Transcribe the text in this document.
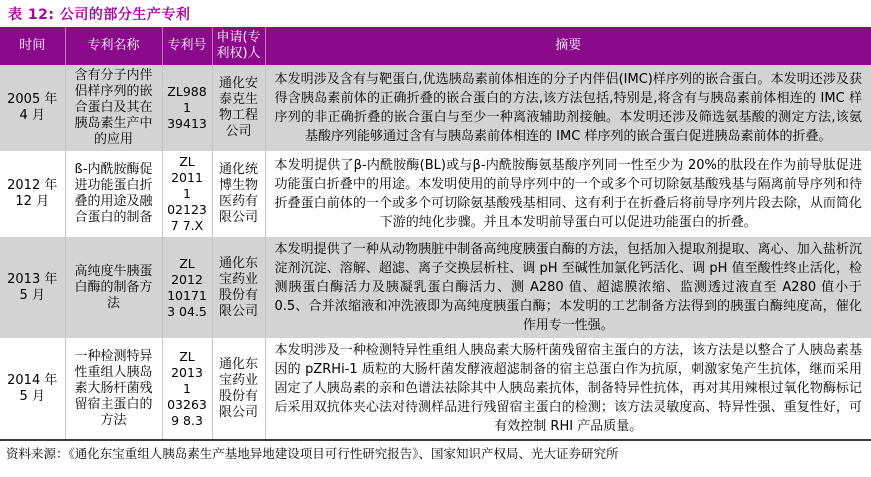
表 12: 公司的部分生产专利
时间	专利名称	专利号	申请(专利权)人	摘要
2005 年 4 月	含有分子内伴侣样序列的嵌合蛋白及其在胰岛素生产中的应用	ZL9881 39413	通化安泰克生物工程公司	本发明涉及含有与靶蛋白,优选胰岛素前体相连的分子内伴侣(IMC)样序列的嵌合蛋白。本发明还涉及获得含胰岛素前体的正确折叠的嵌合蛋白的方法,该方法包括,特别是,将含有与胰岛素前体相连的 IMC 样序列的非正确折叠的嵌合蛋白与至少一种离液辅助剂接触。本发明还涉及筛选氨基酸的测定方法,该氨基酸序列能够通过含有与胰岛素前体相连的 IMC 样序列的嵌合蛋白促进胰岛素前体的折叠。
2012 年 12 月	ß-内酰胺酶促进功能蛋白折叠的用途及融合蛋白的制备	ZL 2011 1 021237 7.X	通化统博生物医药有限公司	本发明提供了β-内酰胺酶(BL)或与β-内酰胺酶氨基酸序列同一性至少为 20%的肽段在作为前导肽促进功能蛋白折叠中的用途。本发明使用的前导序列中的一个或多个可切除氨基酸残基与隔离前导序列和待折叠蛋白前体的一个或多个可切除氨基酸残基相同、这有利于在折叠后将前导序列片段去除，从而简化下游的纯化步骤。并且本发明前导蛋白可以促进功能蛋白的折叠。
2013 年 5 月	高纯度牛胰蛋白酶的制备方法	ZL 2012 101713 04.5	通化东宝药业股份有限公司	本发明提供了一种从动物胰脏中制备高纯度胰蛋白酶的方法，包括加入提取剂提取、离心、加入盐析沉淀剂沉淀、溶解、超滤、离子交换层析柱、调 pH 至碱性加氯化钙活化、调 pH 值至酸性终止活化，检测胰蛋白酶活力及胰凝乳蛋白酶活力、测 A280 值、超滤膜浓缩、监测透过液直至 A280 值小于 0.5、合并浓缩液和冲洗液即为高纯度胰蛋白酶；本发明的工艺制备方法得到的胰蛋白酶纯度高，催化作用专一性强。
2014 年 5 月	一种检测特异性重组人胰岛素大肠杆菌残留宿主蛋白的方法	ZL 2013 1 032639 8.3	通化东宝药业股份有限公司	本发明涉及一种检测特异性重组人胰岛素大肠杆菌残留宿主蛋白的方法，该方法是以整合了人胰岛素基因的 pZRHi-1 质粒的大肠杆菌发酵液超滤制备的宿主总蛋白作为抗原，刺激家兔产生抗体，继而采用固定了人胰岛素的亲和色谱法祛除其中人胰岛素抗体，制备特异性抗体，再对其用辣根过氧化物酶标记后采用双抗体夹心法对待测样品进行残留宿主蛋白的检测；该方法灵敏度高、特异性强、重复性好，可有效控制 RHI 产品质量。
资料来源：《通化东宝重组人胰岛素生产基地异地建设项目可行性研究报告》、国家知识产权局、光大证券研究所
